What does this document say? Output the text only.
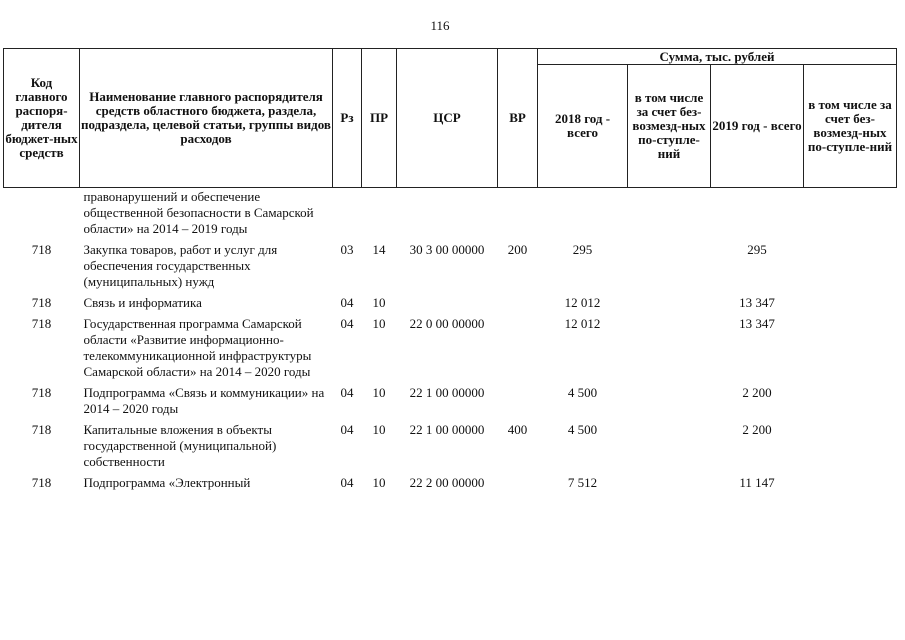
116
Код главного распоря-дителя бюджет-ных средств	Наименование главного распорядителя средств областного бюджета, раздела, подраздела, целевой статьи, группы видов расходов	Рз	ПР	ЦСР	ВР	Сумма, тыс. рублей			
						2018 год - всего	в том числе за счет без-возмезд-ных по-ступле-ний	2019 год - всего	в том числе за счет без-возмезд-ных по-ступле-ний
	правонарушений и обеспечение общественной безопасности в Самарской области» на 2014 – 2019 годы								
718	Закупка товаров, работ и услуг для обеспечения государственных (муниципальных) нужд	03	14	30 3 00 00000	200	295		295	
718	Связь и информатика	04	10			12 012		13 347	
718	Государственная программа Самарской области «Развитие информационно-телекоммуникационной инфраструктуры Самарской области» на 2014 – 2020 годы	04	10	22 0 00 00000		12 012		13 347	
718	Подпрограмма «Связь и коммуникации» на 2014 – 2020 годы	04	10	22 1 00 00000		4 500		2 200	
718	Капитальные вложения в объекты государственной (муниципальной) собственности	04	10	22 1 00 00000	400	4 500		2 200	
718	Подпрограмма «Электронный	04	10	22 2 00 00000		7 512		11 147	
